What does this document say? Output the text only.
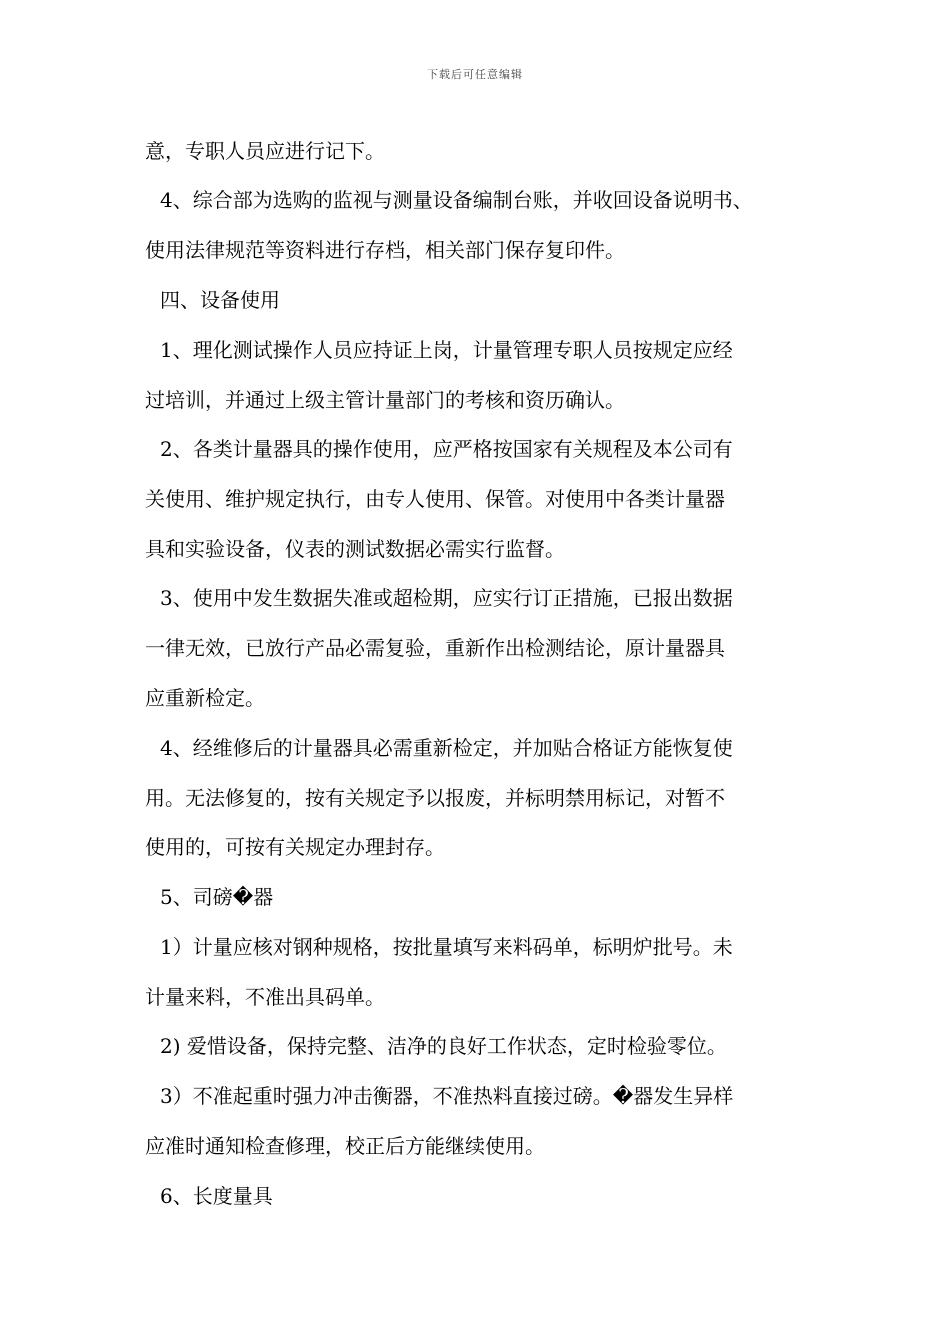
下载后可任意编辑
意，专职人员应进行记下。
4、综合部为选购的监视与测量设备编制台账，并收回设备说明书、
使用法律规范等资料进行存档，相关部门保存复印件。
四、设备使用
1、理化测试操作人员应持证上岗，计量管理专职人员按规定应经
过培训，并通过上级主管计量部门的考核和资历确认。
2、各类计量器具的操作使用，应严格按国家有关规程及本公司有
关使用、维护规定执行，由专人使用、保管。对使用中各类计量器
具和实验设备，仪表的测试数据必需实行监督。
3、使用中发生数据失准或超检期，应实行订正措施，已报出数据
一律无效，已放行产品必需复验，重新作出检测结论，原计量器具
应重新检定。
4、经维修后的计量器具必需重新检定，并加贴合格证方能恢复使
用。无法修复的，按有关规定予以报废，并标明禁用标记，对暂不
使用的，可按有关规定办理封存。
5、司磅�器
1）计量应核对钢种规格，按批量填写来料码单，标明炉批号。未
计量来料，不准出具码单。
2) 爱惜设备，保持完整、洁净的良好工作状态，定时检验零位。
3）不准起重时强力冲击衡器，不准热料直接过磅。�器发生异样
应准时通知检查修理，校正后方能继续使用。
6、长度量具
